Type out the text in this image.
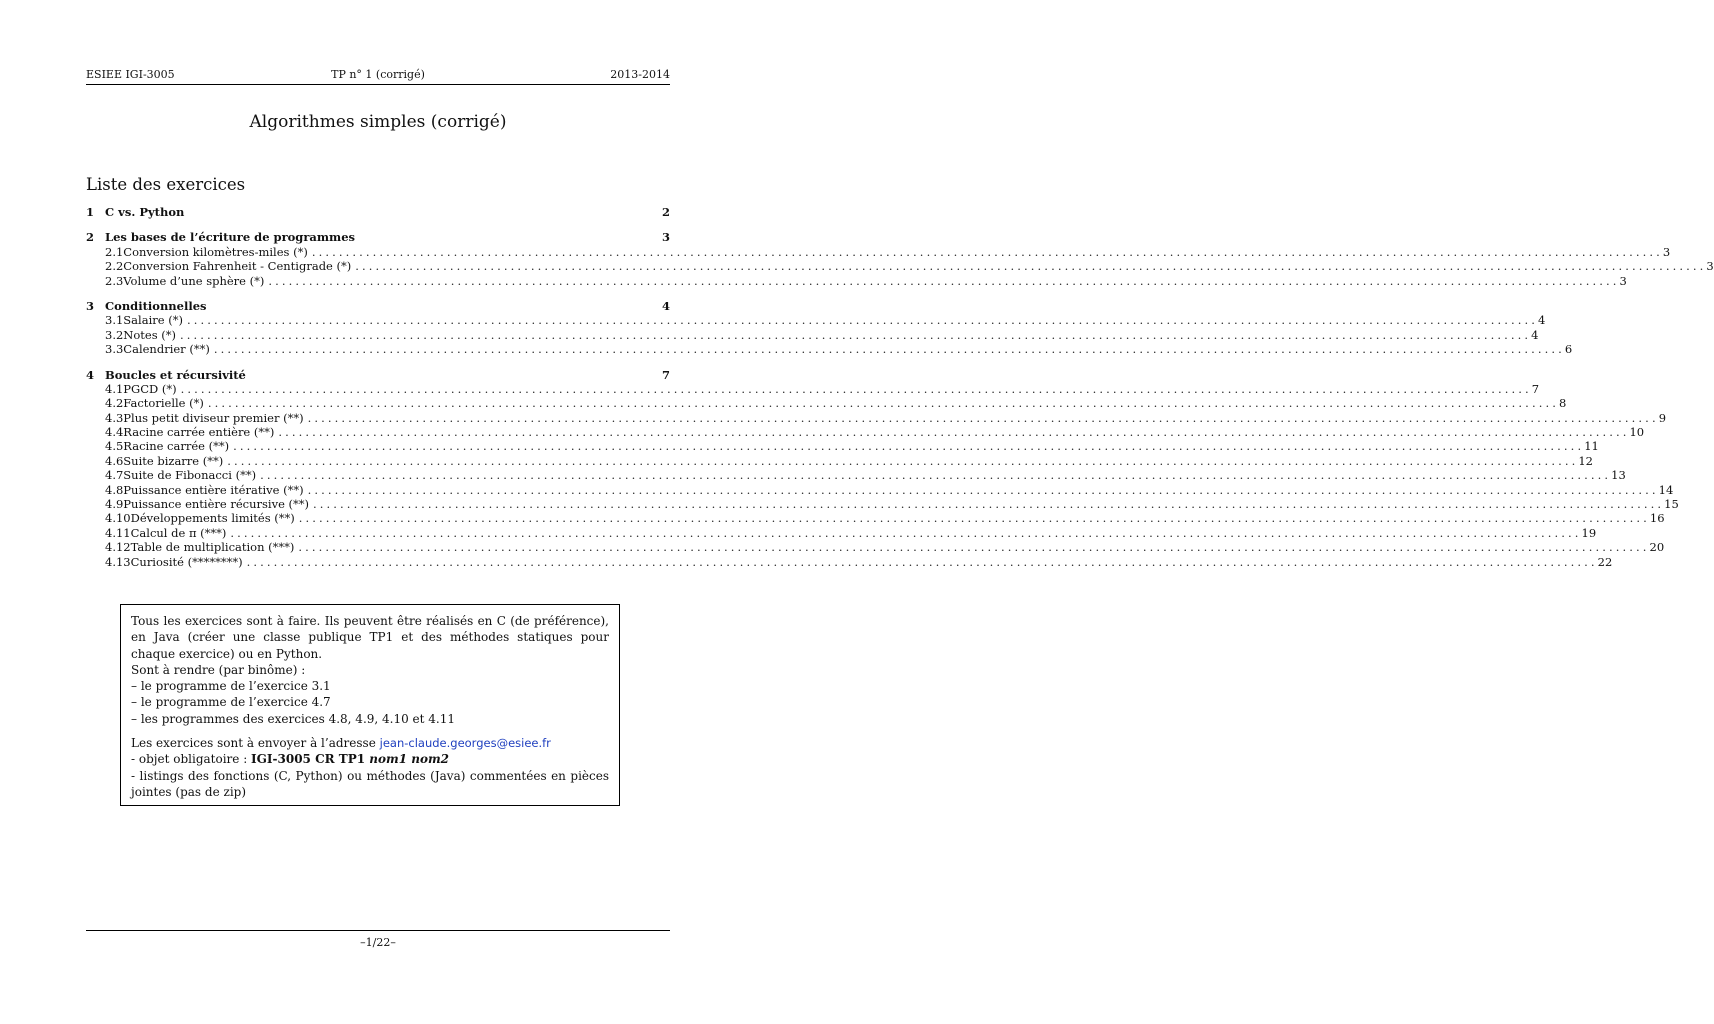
ESIEE IGI-3005	TP n° 1 (corrigé)	2013-2014
Algorithmes simples (corrigé)
Liste des exercices
1 C vs. Python	2
2 Les bases de l’écriture de programmes	3
2.1 Conversion kilomètres-miles (*) ........................................................................................................................................................................................................ 3
2.2 Conversion Fahrenheit - Centigrade (*) ........................................................................................................................................................................................................ 3
2.3 Volume d’une sphère (*) ........................................................................................................................................................................................................ 3
3 Conditionnelles	4
3.1 Salaire (*) ........................................................................................................................................................................................................ 4
3.2 Notes (*) ........................................................................................................................................................................................................ 4
3.3 Calendrier (**) ........................................................................................................................................................................................................ 6
4 Boucles et récursivité	7
4.1 PGCD (*) ........................................................................................................................................................................................................ 7
4.2 Factorielle (*) ........................................................................................................................................................................................................ 8
4.3 Plus petit diviseur premier (**) ........................................................................................................................................................................................................ 9
4.4 Racine carrée entière (**) ........................................................................................................................................................................................................ 10
4.5 Racine carrée (**) ........................................................................................................................................................................................................ 11
4.6 Suite bizarre (**) ........................................................................................................................................................................................................ 12
4.7 Suite de Fibonacci (**) ........................................................................................................................................................................................................ 13
4.8 Puissance entière itérative (**) ........................................................................................................................................................................................................ 14
4.9 Puissance entière récursive (**) ........................................................................................................................................................................................................ 15
4.10 Développements limités (**) ........................................................................................................................................................................................................ 16
4.11 Calcul de π (***) ........................................................................................................................................................................................................ 19
4.12 Table de multiplication (***) ........................................................................................................................................................................................................ 20
4.13 Curiosité (********) ........................................................................................................................................................................................................ 22

Tous les exercices sont à faire. Ils peuvent être réalisés en C (de préférence), en Java (créer une classe publique TP1 et des méthodes statiques pour chaque exercice) ou en Python.

Sont à rendre (par binôme) :

– le programme de l’exercice 3.1

– le programme de l’exercice 4.7

– les programmes des exercices 4.8, 4.9, 4.10 et 4.11

Les exercices sont à envoyer à l’adresse jean-claude.georges@esiee.fr

- objet obligatoire : IGI-3005 CR TP1 nom1 nom2

- listings des fonctions (C, Python) ou méthodes (Java) commentées en pièces jointes (pas de zip)

–1/22–
